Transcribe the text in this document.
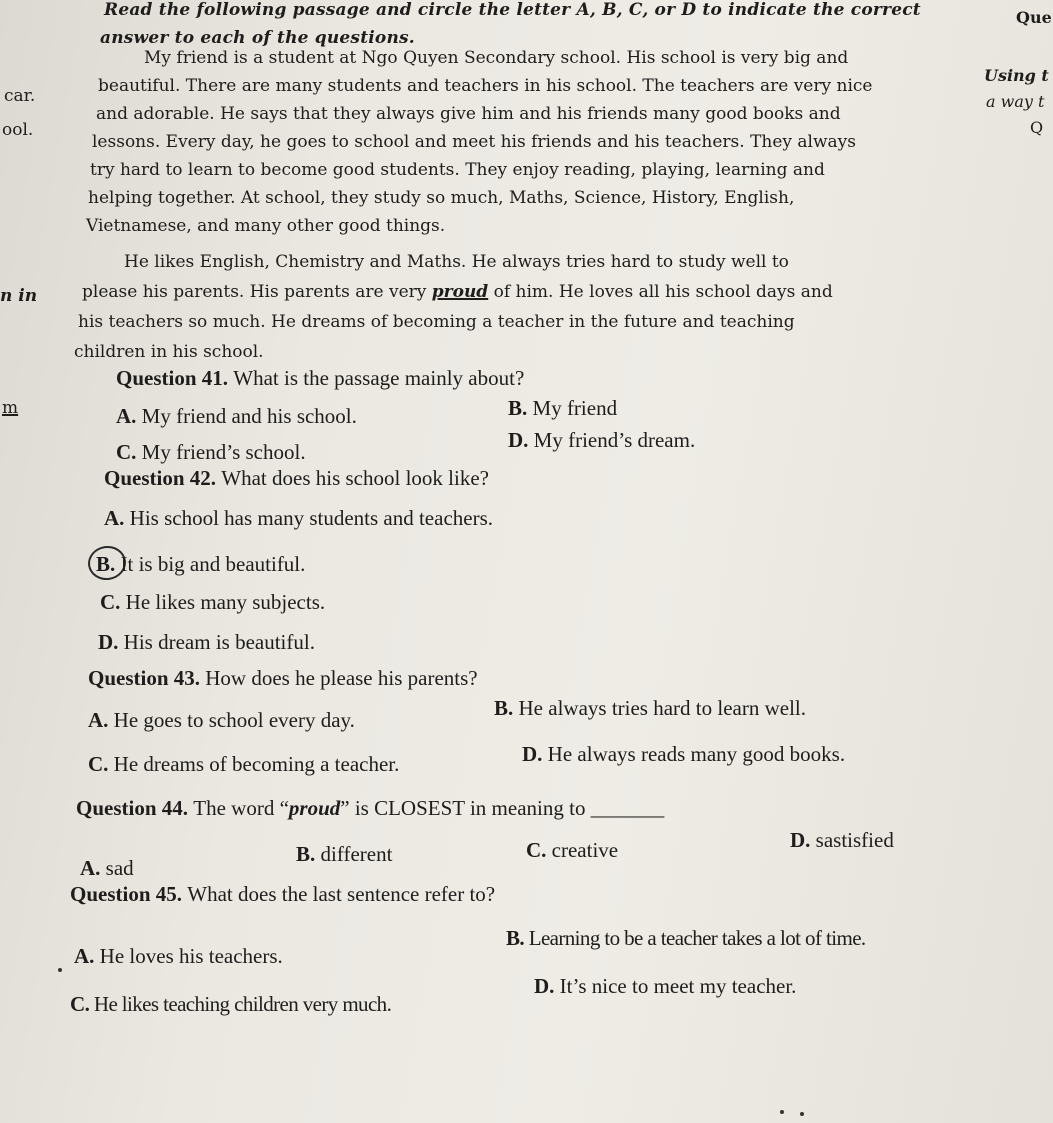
car.
ool.
n in
m
Que
Using t
a way t
Q
Read the following passage and circle the letter A, B, C, or D to indicate the correct
answer to each of the questions.
My friend is a student at Ngo Quyen Secondary school. His school is very big and
beautiful. There are many students and teachers in his school. The teachers are very nice
and adorable. He says that they always give him and his friends many good books and
lessons. Every day, he goes to school and meet his friends and his teachers. They always
try hard to learn to become good students. They enjoy reading, playing, learning and
helping together. At school, they study so much, Maths, Science, History, English,
Vietnamese, and many other good things.
He likes English, Chemistry and Maths. He always tries hard to study well to
please his parents. His parents are very proud of him. He loves all his school days and
his teachers so much. He dreams of becoming a teacher in the future and teaching
children in his school.
Question 41. What is the passage mainly about?
A. My friend and his school.	B. My friend
C. My friend’s school.	D. My friend’s dream.
Question 42. What does his school look like?
A. His school has many students and teachers.
B. It is big and beautiful.
C. He likes many subjects.
D. His dream is beautiful.
Question 43. How does he please his parents?
A. He goes to school every day.	B. He always tries hard to learn well.
C. He dreams of becoming a teacher.	D. He always reads many good books.
Question 44. The word “proud” is CLOSEST in meaning to _______
A. sad
B. different	C. creative	D. sastisfied
Question 45. What does the last sentence refer to?
A. He loves his teachers.
B. Learning to be a teacher takes a lot of time.
C. He likes teaching children very much.
D. It’s nice to meet my teacher.
